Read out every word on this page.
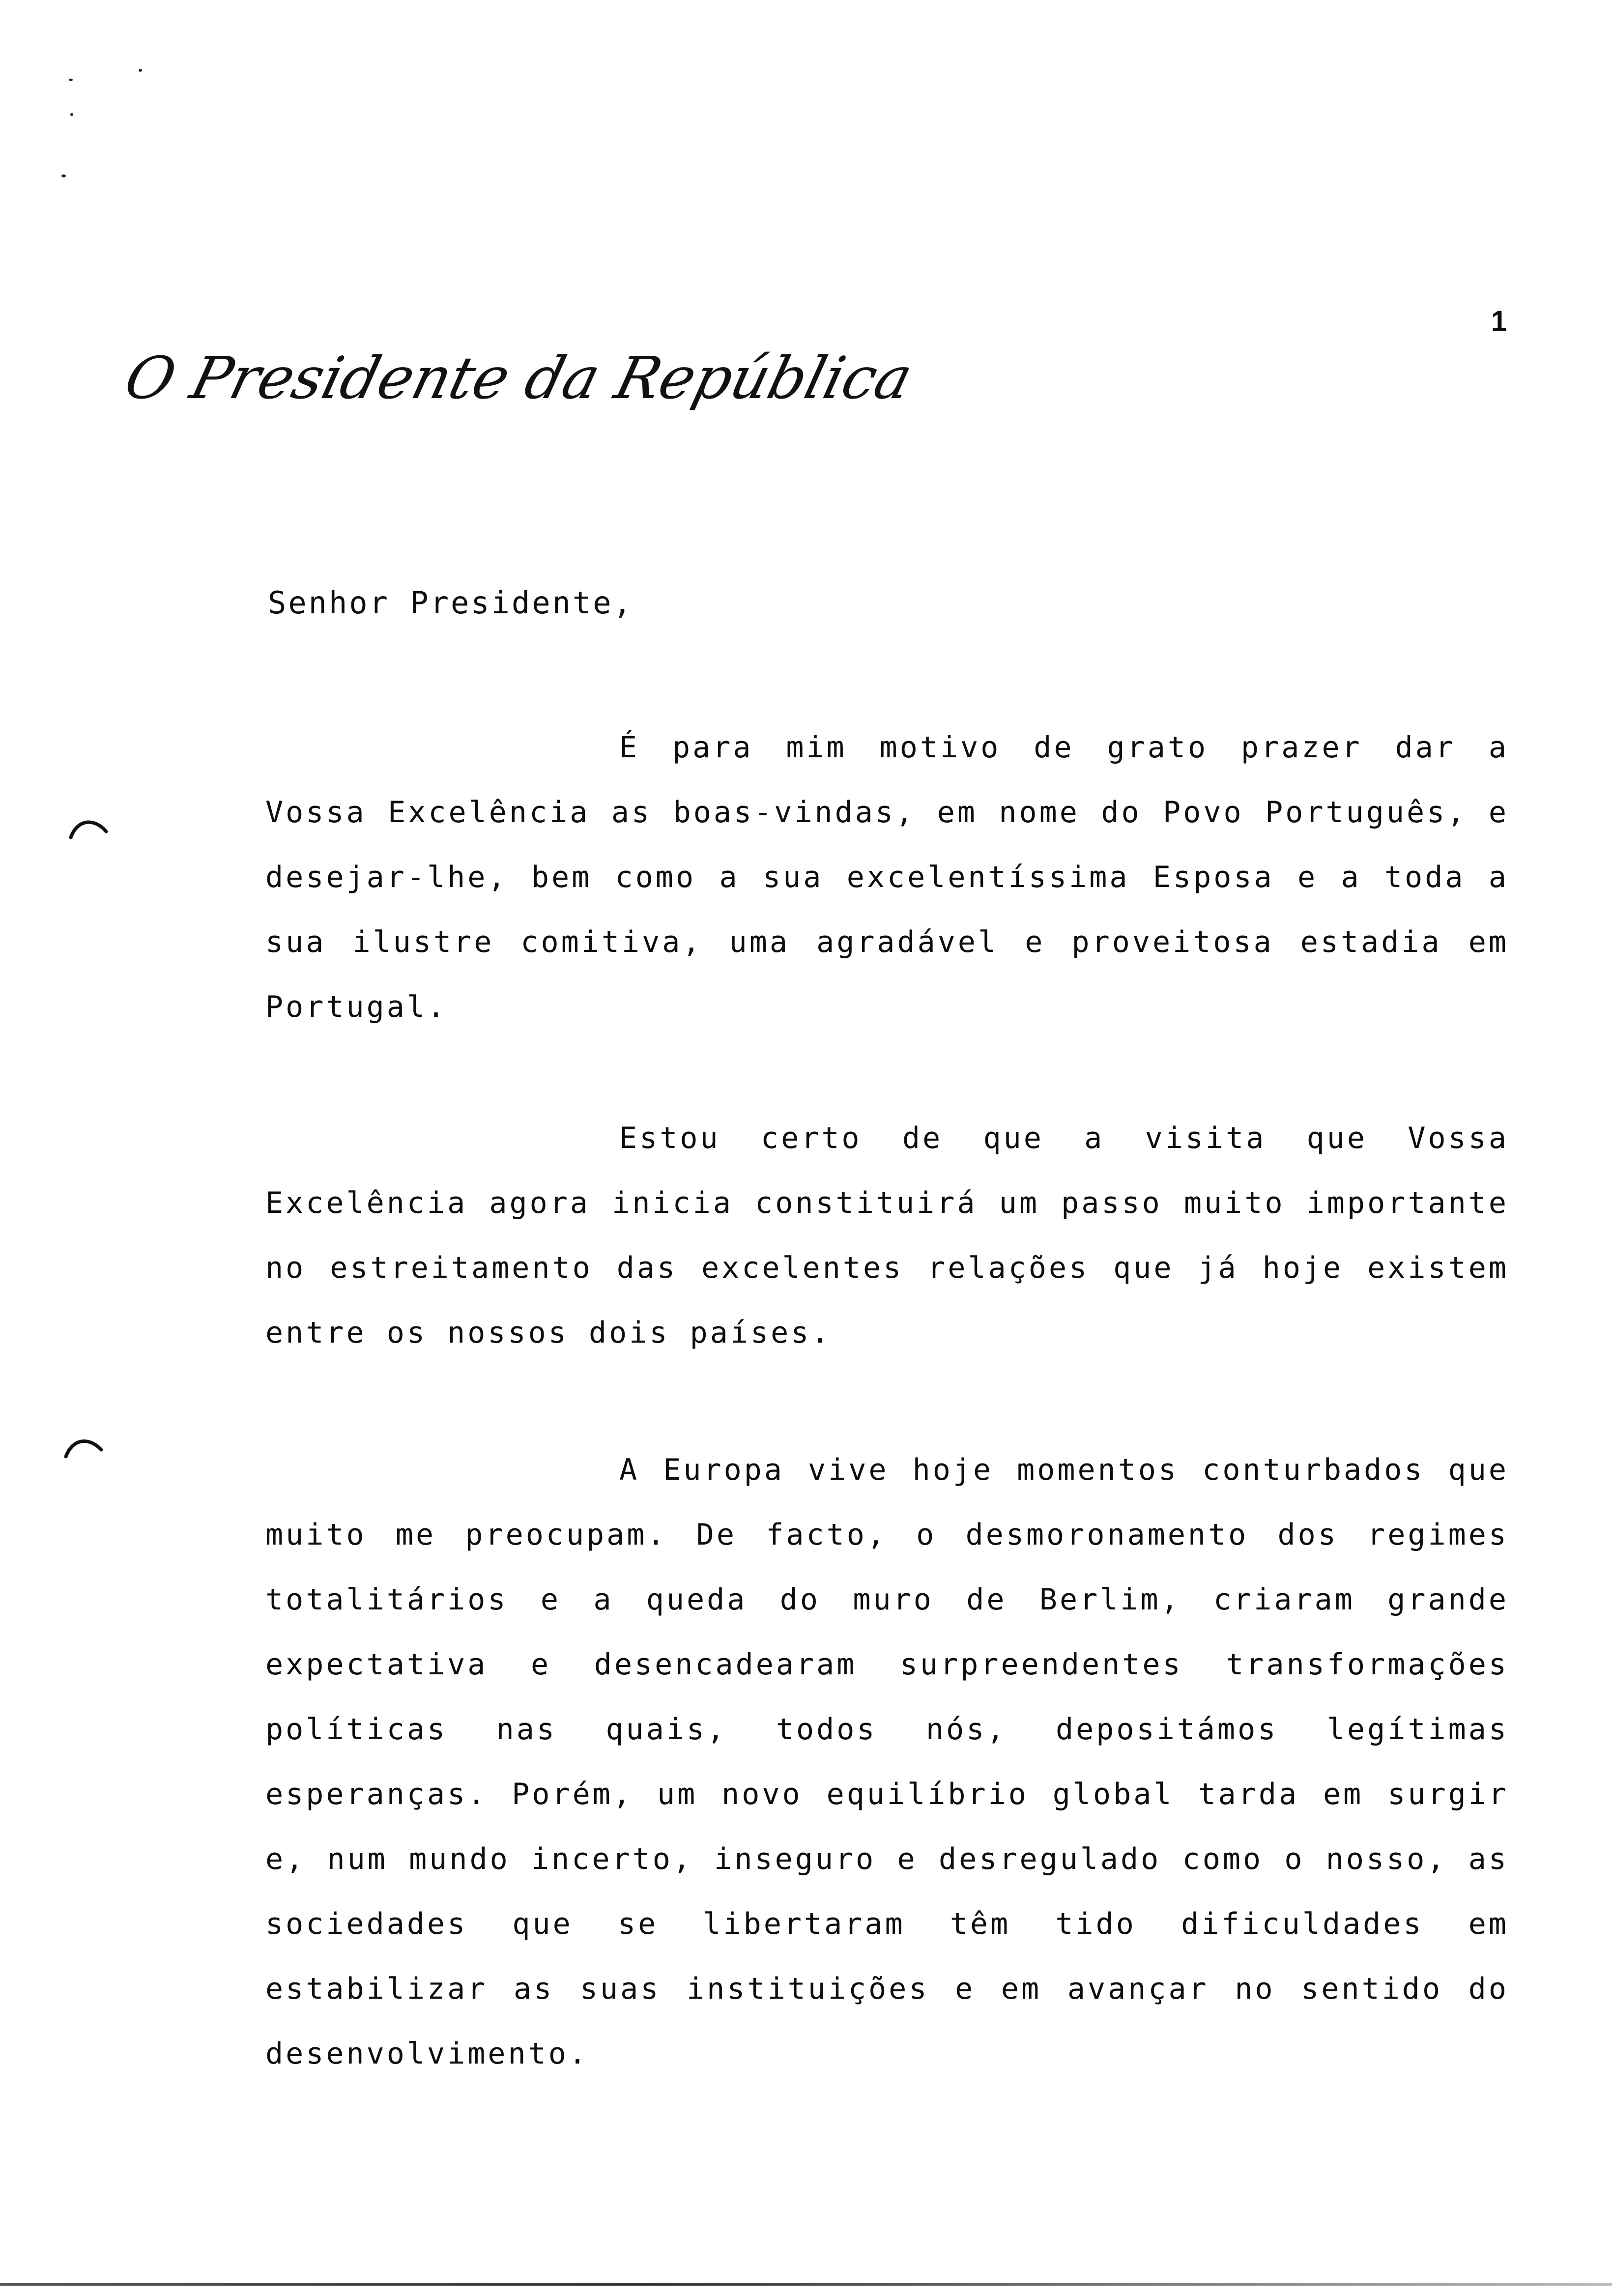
1
O Presidente da República
Senhor Presidente,

É para mim motivo de grato prazer dar a Vossa Excelência as boas-vindas, em nome do Povo Português, e desejar-lhe, bem como a sua excelentíssima Esposa e a toda a sua ilustre comitiva, uma agradável e proveitosa estadia em Portugal.

Estou certo de que a visita que Vossa Excelência agora inicia constituirá um passo muito importante no estreitamento das excelentes relações que já hoje existem entre os nossos dois países.

A Europa vive hoje momentos conturbados que muito me preocupam. De facto, o desmoronamento dos regimes totalitários e a queda do muro de Berlim, criaram grande expectativa e desencadearam surpreendentes transformações políticas nas quais, todos nós, depositámos legítimas esperanças. Porém, um novo equilíbrio global tarda em surgir e, num mundo incerto, inseguro e desregulado como o nosso, as sociedades que se libertaram têm tido dificuldades em estabilizar as suas instituições e em avançar no sentido do desenvolvimento.
